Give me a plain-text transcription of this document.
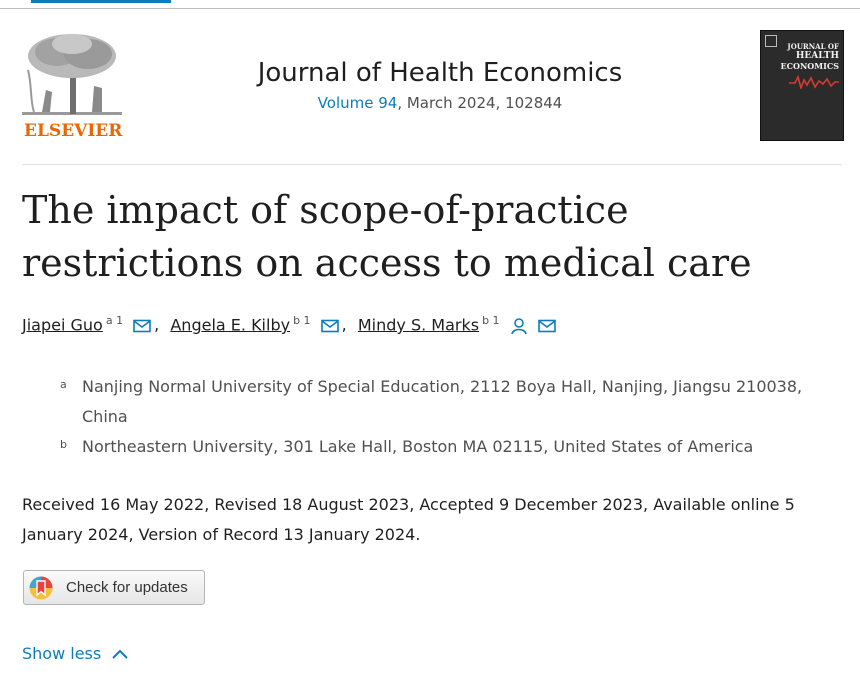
ELSEVIER
Journal of Health Economics
Volume 94, March 2024, 102844
JOURNAL OF
HEALTH
ECONOMICS
The impact of scope-of-practice restrictions on access to medical care
Jiapei Guo $^{a 1}$ , Angela E. Kilby $^{b 1}$ , Mindy S. Marks $^{b 1}$
a Nanjing Normal University of Special Education, 2112 Boya Hall, Nanjing, Jiangsu 210038, China
b Northeastern University, 301 Lake Hall, Boston MA 02115, United States of America
Received 16 May 2022, Revised 18 August 2023, Accepted 9 December 2023, Available online 5 January 2024, Version of Record 13 January 2024.
Check for updates
Show less
